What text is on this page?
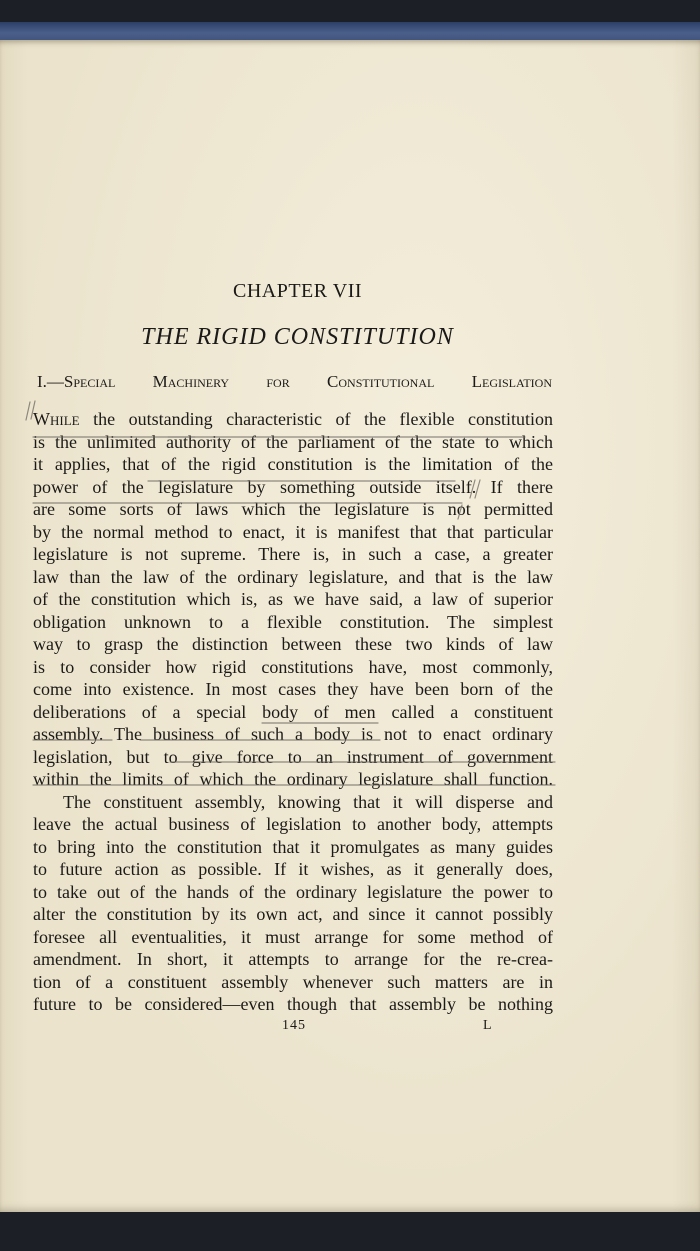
CHAPTER VII
THE RIGID CONSTITUTION
I.—Special Machinery for Constitutional Legislation
While the outstanding characteristic of the flexible constitution
is the unlimited authority of the parliament of the state to which
it applies, that of the rigid constitution is the limitation of the
power of the legislature by something outside itself. If there
are some sorts of laws which the legislature is not permitted
by the normal method to enact, it is manifest that that particular
legislature is not supreme. There is, in such a case, a greater
law than the law of the ordinary legislature, and that is the law
of the constitution which is, as we have said, a law of superior
obligation unknown to a flexible constitution. The simplest
way to grasp the distinction between these two kinds of law
is to consider how rigid constitutions have, most commonly,
come into existence. In most cases they have been born of the
deliberations of a special body of men called a constituent
assembly. The business of such a body is not to enact ordinary
legislation, but to give force to an instrument of government
within the limits of which the ordinary legislature shall function.
The constituent assembly, knowing that it will disperse and
leave the actual business of legislation to another body, attempts
to bring into the constitution that it promulgates as many guides
to future action as possible. If it wishes, as it generally does,
to take out of the hands of the ordinary legislature the power to
alter the constitution by its own act, and since it cannot possibly
foresee all eventualities, it must arrange for some method of
amendment. In short, it attempts to arrange for the re-crea-
tion of a constituent assembly whenever such matters are in
future to be considered—even though that assembly be nothing
145	L
